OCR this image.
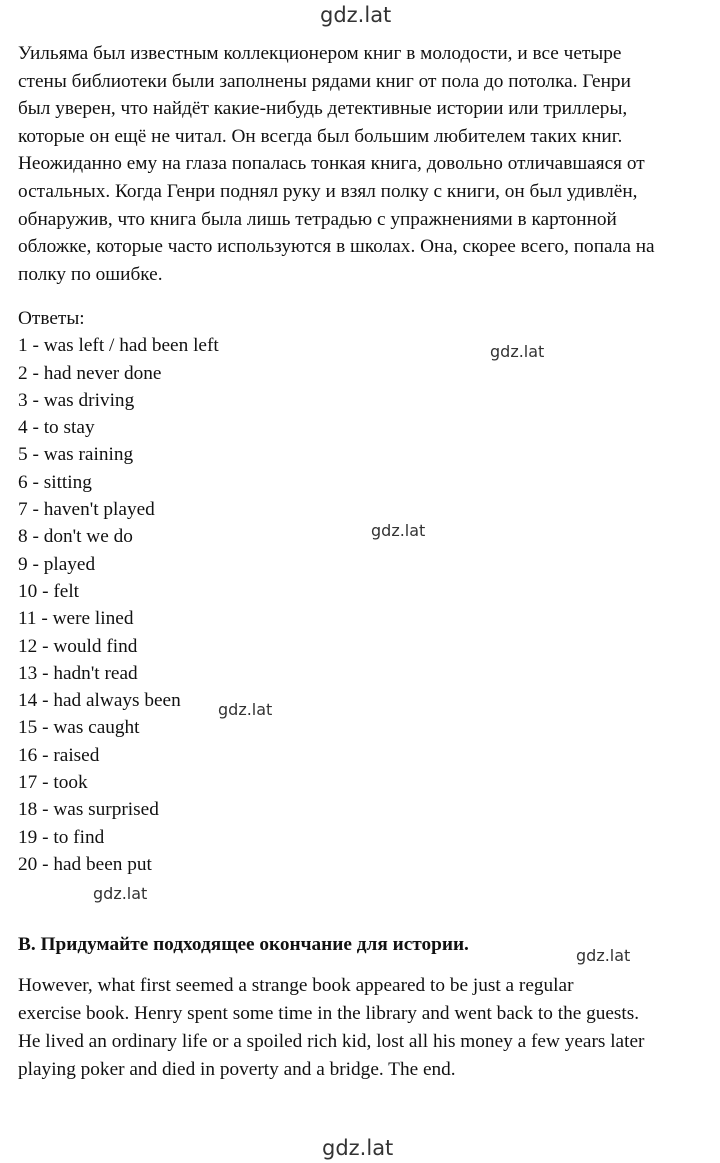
gdz.lat
Уильяма был известным коллекционером книг в молодости, и все четыре
стены библиотеки были заполнены рядами книг от пола до потолка. Генри
был уверен, что найдёт какие-нибудь детективные истории или триллеры,
которые он ещё не читал. Он всегда был большим любителем таких книг.
Неожиданно ему на глаза попалась тонкая книга, довольно отличавшаяся от
остальных. Когда Генри поднял руку и взял полку с книги, он был удивлён,
обнаружив, что книга была лишь тетрадью с упражнениями в картонной
обложке, которые часто используются в школах. Она, скорее всего, попала на
полку по ошибке.
Ответы:
1 - was left / had been left
2 - had never done
3 - was driving
4 - to stay
5 - was raining
6 - sitting
7 - haven't played
8 - don't we do
9 - played
10 - felt
11 - were lined
12 - would find
13 - hadn't read
14 - had always been
15 - was caught
16 - raised
17 - took
18 - was surprised
19 - to find
20 - had been put
gdz.lat
gdz.lat
gdz.lat
gdz.lat
B. Придумайте подходящее окончание для истории.
gdz.lat
However, what first seemed a strange book appeared to be just a regular
exercise book. Henry spent some time in the library and went back to the guests.
He lived an ordinary life or a spoiled rich kid, lost all his money a few years later
playing poker and died in poverty and a bridge. The end.
gdz.lat
